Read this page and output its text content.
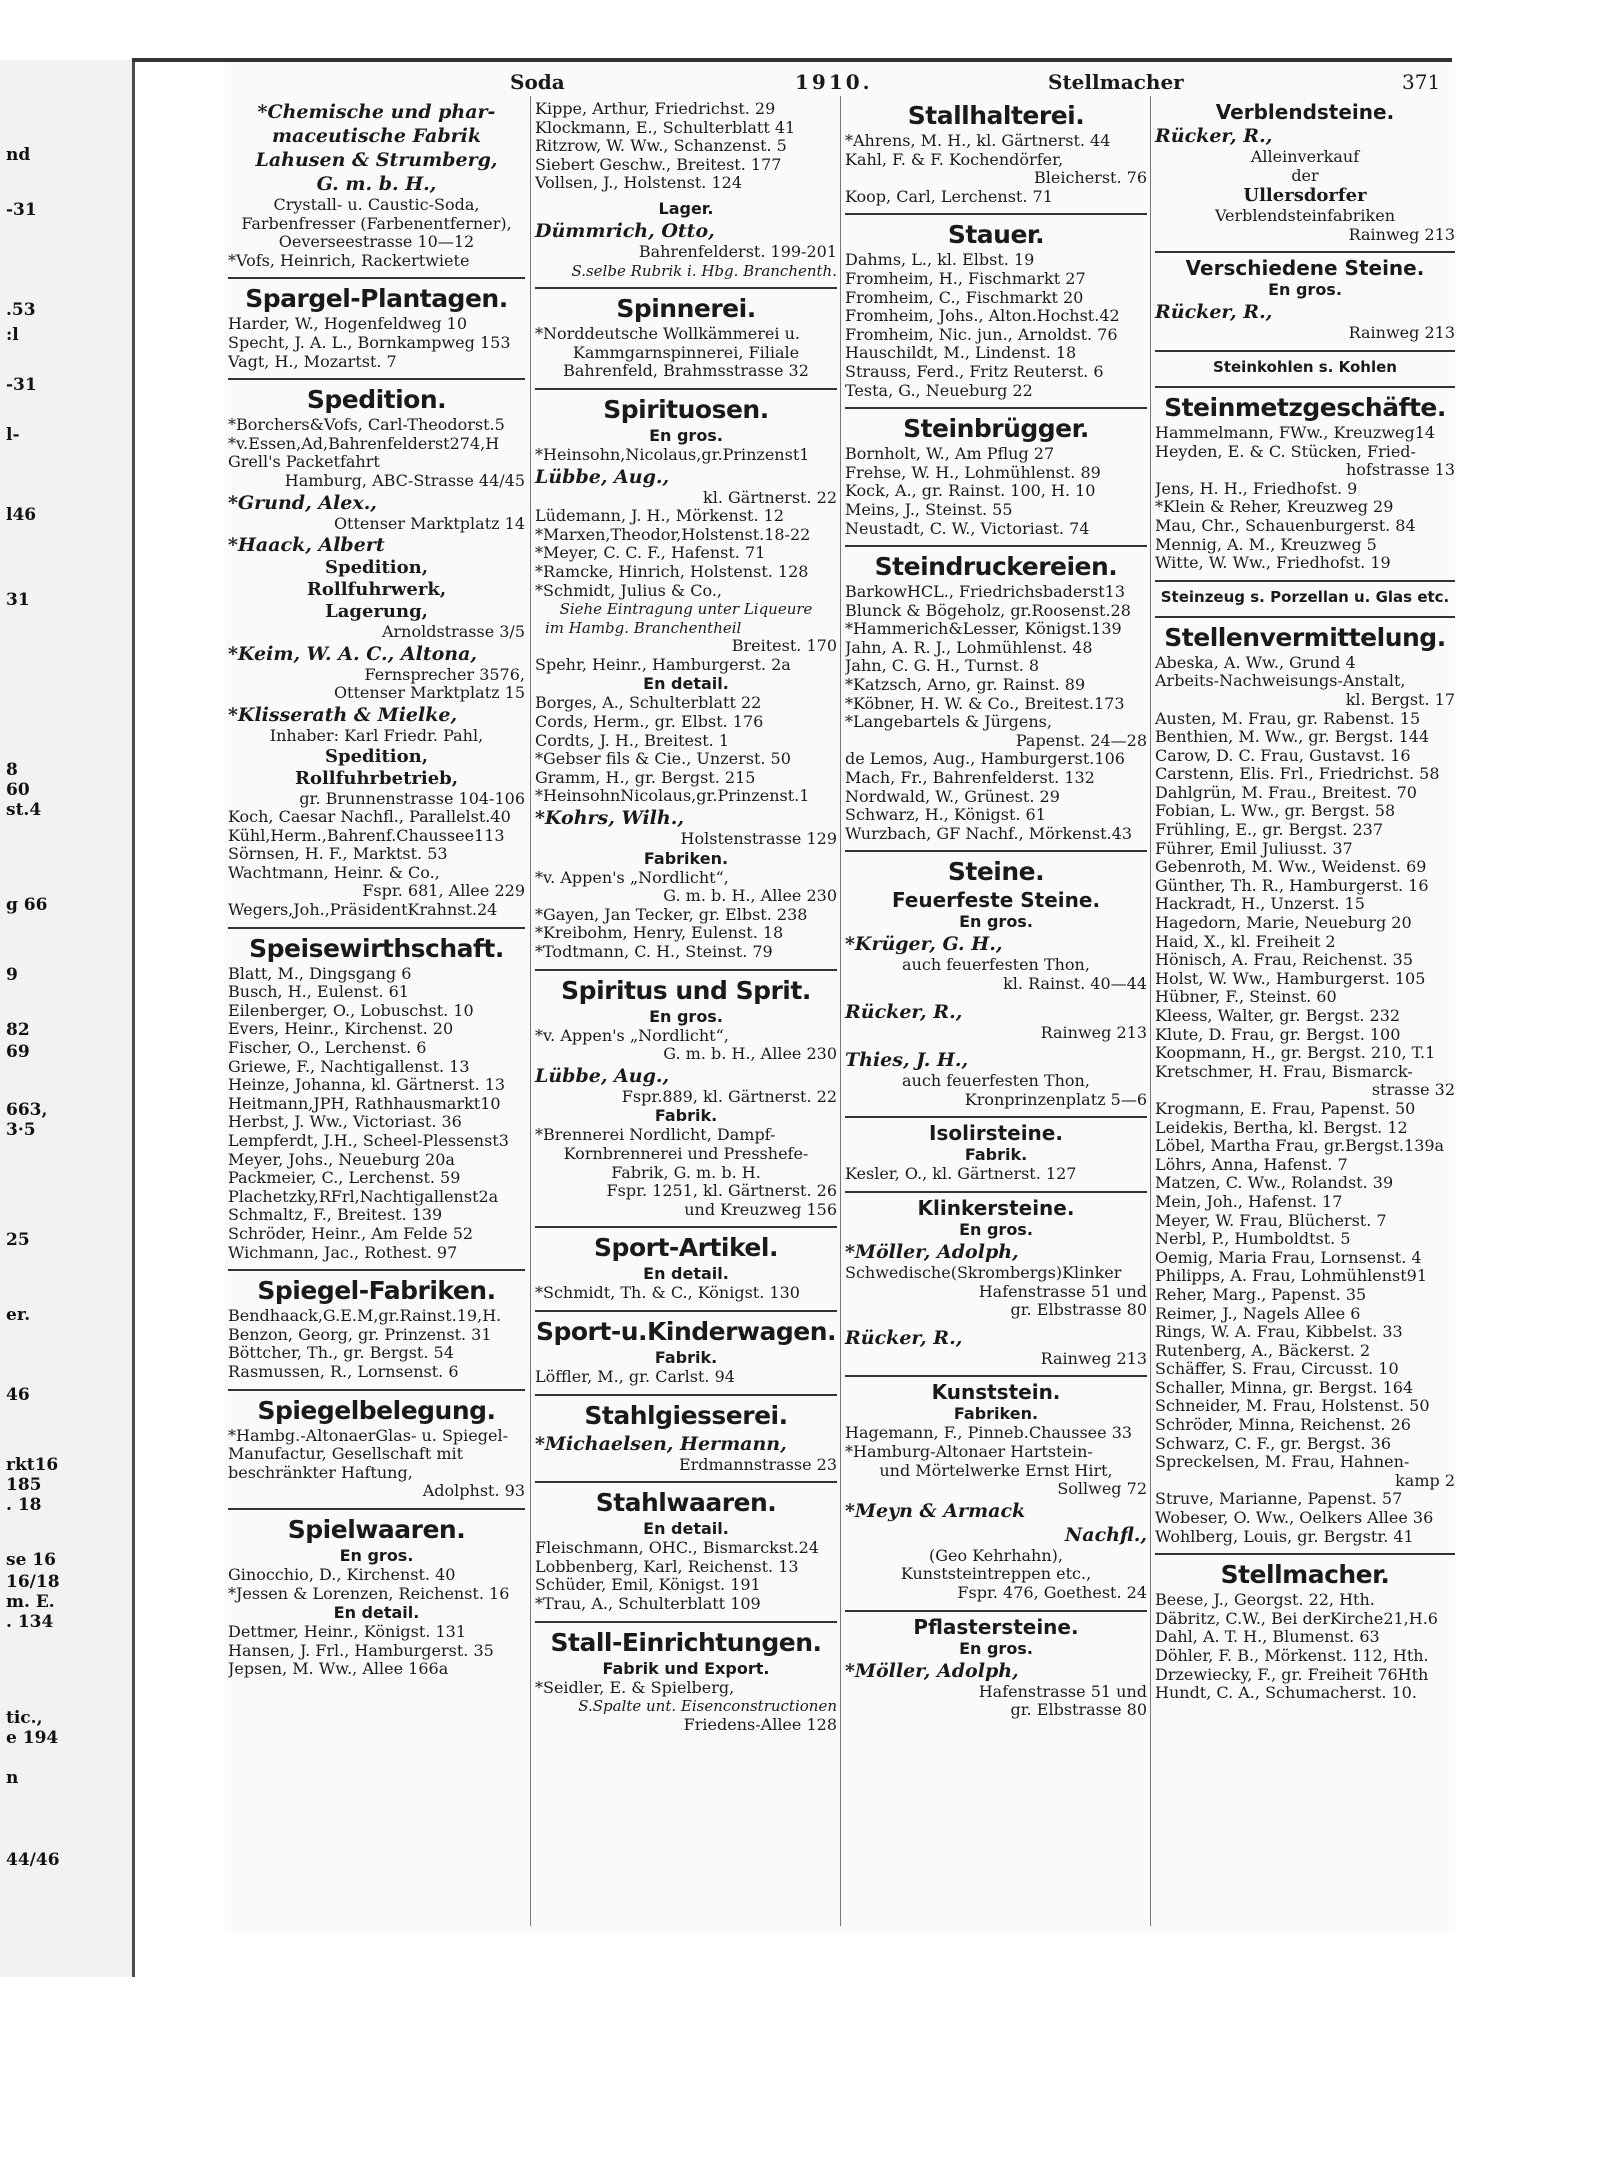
nd
-31
.53
:l
-31
l-
l46
31
8
60
st.4
g 66
9
82
69
663,
3·5
25
er.
46
rkt16
185
. 18
se 16
16/18
m. E.
. 134
tic.,
e 194
n
44/46
Soda	1910.	Stellmacher	371
*Chemische und phar-
maceutische Fabrik
Lahusen & Strumberg,
G. m. b. H.,
Crystall- u. Caustic-Soda,
Farbenfresser (Farbenentferner),
Oeverseestrasse 10—12
*Vofs, Heinrich, Rackertwiete
Spargel-Plantagen.
Harder, W., Hogenfeldweg 10
Specht, J. A. L., Bornkampweg 153
Vagt, H., Mozartst. 7
Spedition.
*Borchers&Vofs, Carl-Theodorst.5
*v.Essen,Ad,Bahrenfelderst274,H
Grell's Packetfahrt
Hamburg, ABC-Strasse 44/45
*Grund, Alex.,
Ottenser Marktplatz 14
*Haack, Albert
Spedition,
Rollfuhrwerk,
Lagerung,
Arnoldstrasse 3/5
*Keim, W. A. C., Altona,
Fernsprecher 3576,
Ottenser Marktplatz 15
*Klisserath & Mielke,
Inhaber: Karl Friedr. Pahl,
Spedition,
Rollfuhrbetrieb,
gr. Brunnenstrasse 104-106
Koch, Caesar Nachfl., Parallelst.40
Kühl,Herm.,Bahrenf.Chaussee113
Sörnsen, H. F., Marktst. 53
Wachtmann, Heinr. & Co.,
Fspr. 681, Allee 229
Wegers,Joh.,PräsidentKrahnst.24
Speisewirthschaft.
Blatt, M., Dingsgang 6
Busch, H., Eulenst. 61
Eilenberger, O., Lobuschst. 10
Evers, Heinr., Kirchenst. 20
Fischer, O., Lerchenst. 6
Griewe, F., Nachtigallenst. 13
Heinze, Johanna, kl. Gärtnerst. 13
Heitmann,JPH, Rathhausmarkt10
Herbst, J. Ww., Victoriast. 36
Lempferdt, J.H., Scheel-Plessenst3
Meyer, Johs., Neueburg 20a
Packmeier, C., Lerchenst. 59
Plachetzky,RFrl,Nachtigallenst2a
Schmaltz, F., Breitest. 139
Schröder, Heinr., Am Felde 52
Wichmann, Jac., Rothest. 97
Spiegel-Fabriken.
Bendhaack,G.E.M,gr.Rainst.19,H.
Benzon, Georg, gr. Prinzenst. 31
Böttcher, Th., gr. Bergst. 54
Rasmussen, R., Lornsenst. 6
Spiegelbelegung.
*Hambg.-AltonaerGlas- u. Spiegel-
Manufactur, Gesellschaft mit
beschränkter Haftung,
Adolphst. 93
Spielwaaren.
En gros.
Ginocchio, D., Kirchenst. 40
*Jessen & Lorenzen, Reichenst. 16
En detail.
Dettmer, Heinr., Königst. 131
Hansen, J. Frl., Hamburgerst. 35
Jepsen, M. Ww., Allee 166a
Kippe, Arthur, Friedrichst. 29
Klockmann, E., Schulterblatt 41
Ritzrow, W. Ww., Schanzenst. 5
Siebert Geschw., Breitest. 177
Vollsen, J., Holstenst. 124
Lager.
Dümmrich, Otto,
Bahrenfelderst. 199-201
S.selbe Rubrik i. Hbg. Branchenth.
Spinnerei.
*Norddeutsche Wollkämmerei u.
Kammgarnspinnerei, Filiale
Bahrenfeld, Brahmsstrasse 32
Spirituosen.
En gros.
*Heinsohn,Nicolaus,gr.Prinzenst1
Lübbe, Aug.,
kl. Gärtnerst. 22
Lüdemann, J. H., Mörkenst. 12
*Marxen,Theodor,Holstenst.18-22
*Meyer, C. C. F., Hafenst. 71
*Ramcke, Hinrich, Holstenst. 128
*Schmidt, Julius & Co.,
Siehe Eintragung unter Liqueure
im Hambg. Branchentheil
Breitest. 170
Spehr, Heinr., Hamburgerst. 2a
En detail.
Borges, A., Schulterblatt 22
Cords, Herm., gr. Elbst. 176
Cordts, J. H., Breitest. 1
*Gebser fils & Cie., Unzerst. 50
Gramm, H., gr. Bergst. 215
*HeinsohnNicolaus,gr.Prinzenst.1
*Kohrs, Wilh.,
Holstenstrasse 129
Fabriken.
*v. Appen's „Nordlicht“,
G. m. b. H., Allee 230
*Gayen, Jan Tecker, gr. Elbst. 238
*Kreibohm, Henry, Eulenst. 18
*Todtmann, C. H., Steinst. 79
Spiritus und Sprit.
En gros.
*v. Appen's „Nordlicht“,
G. m. b. H., Allee 230
Lübbe, Aug.,
Fspr.889, kl. Gärtnerst. 22
Fabrik.
*Brennerei Nordlicht, Dampf-
Kornbrennerei und Presshefe-
Fabrik, G. m. b. H.
Fspr. 1251, kl. Gärtnerst. 26
und Kreuzweg 156
Sport-Artikel.
En detail.
*Schmidt, Th. & C., Königst. 130
Sport-u.Kinderwagen.
Fabrik.
Löffler, M., gr. Carlst. 94
Stahlgiesserei.
*Michaelsen, Hermann,
Erdmannstrasse 23
Stahlwaaren.
En detail.
Fleischmann, OHC., Bismarckst.24
Lobbenberg, Karl, Reichenst. 13
Schüder, Emil, Königst. 191
*Trau, A., Schulterblatt 109
Stall-Einrichtungen.
Fabrik und Export.
*Seidler, E. & Spielberg,
S.Spalte unt. Eisenconstructionen
Friedens-Allee 128
Stallhalterei.
*Ahrens, M. H., kl. Gärtnerst. 44
Kahl, F. & F. Kochendörfer,
Bleicherst. 76
Koop, Carl, Lerchenst. 71
Stauer.
Dahms, L., kl. Elbst. 19
Fromheim, H., Fischmarkt 27
Fromheim, C., Fischmarkt 20
Fromheim, Johs., Alton.Hochst.42
Fromheim, Nic. jun., Arnoldst. 76
Hauschildt, M., Lindenst. 18
Strauss, Ferd., Fritz Reuterst. 6
Testa, G., Neueburg 22
Steinbrügger.
Bornholt, W., Am Pflug 27
Frehse, W. H., Lohmühlenst. 89
Kock, A., gr. Rainst. 100, H. 10
Meins, J., Steinst. 55
Neustadt, C. W., Victoriast. 74
Steindruckereien.
BarkowHCL., Friedrichsbaderst13
Blunck & Bögeholz, gr.Roosenst.28
*Hammerich&Lesser, Königst.139
Jahn, A. R. J., Lohmühlenst. 48
Jahn, C. G. H., Turnst. 8
*Katzsch, Arno, gr. Rainst. 89
*Köbner, H. W. & Co., Breitest.173
*Langebartels & Jürgens,
Papenst. 24—28
de Lemos, Aug., Hamburgerst.106
Mach, Fr., Bahrenfelderst. 132
Nordwald, W., Grünest. 29
Schwarz, H., Königst. 61
Wurzbach, GF Nachf., Mörkenst.43
Steine.
Feuerfeste Steine.
En gros.
*Krüger, G. H.,
auch feuerfesten Thon,
kl. Rainst. 40—44
Rücker, R.,
Rainweg 213
Thies, J. H.,
auch feuerfesten Thon,
Kronprinzenplatz 5—6
Isolirsteine.
Fabrik.
Kesler, O., kl. Gärtnerst. 127
Klinkersteine.
En gros.
*Möller, Adolph,
Schwedische(Skrombergs)Klinker
Hafenstrasse 51 und
gr. Elbstrasse 80
Rücker, R.,
Rainweg 213
Kunststein.
Fabriken.
Hagemann, F., Pinneb.Chaussee 33
*Hamburg-Altonaer Hartstein-
und Mörtelwerke Ernst Hirt,
Sollweg 72
*Meyn & Armack
Nachfl.,
(Geo Kehrhahn),
Kunststeintreppen etc.,
Fspr. 476, Goethest. 24
Pflastersteine.
En gros.
*Möller, Adolph,
Hafenstrasse 51 und
gr. Elbstrasse 80
Verblendsteine.
Rücker, R.,
Alleinverkauf
der
Ullersdorfer
Verblendsteinfabriken
Rainweg 213
Verschiedene Steine.
En gros.
Rücker, R.,
Rainweg 213
Steinkohlen s. Kohlen
Steinmetzgeschäfte.
Hammelmann, FWw., Kreuzweg14
Heyden, E. & C. Stücken, Fried-
hofstrasse 13
Jens, H. H., Friedhofst. 9
*Klein & Reher, Kreuzweg 29
Mau, Chr., Schauenburgerst. 84
Mennig, A. M., Kreuzweg 5
Witte, W. Ww., Friedhofst. 19
Steinzeug s. Porzellan u. Glas etc.
Stellenvermittelung.
Abeska, A. Ww., Grund 4
Arbeits-Nachweisungs-Anstalt,
kl. Bergst. 17
Austen, M. Frau, gr. Rabenst. 15
Benthien, M. Ww., gr. Bergst. 144
Carow, D. C. Frau, Gustavst. 16
Carstenn, Elis. Frl., Friedrichst. 58
Dahlgrün, M. Frau., Breitest. 70
Fobian, L. Ww., gr. Bergst. 58
Frühling, E., gr. Bergst. 237
Führer, Emil Juliusst. 37
Gebenroth, M. Ww., Weidenst. 69
Günther, Th. R., Hamburgerst. 16
Hackradt, H., Unzerst. 15
Hagedorn, Marie, Neueburg 20
Haid, X., kl. Freiheit 2
Hönisch, A. Frau, Reichenst. 35
Holst, W. Ww., Hamburgerst. 105
Hübner, F., Steinst. 60
Kleess, Walter, gr. Bergst. 232
Klute, D. Frau, gr. Bergst. 100
Koopmann, H., gr. Bergst. 210, T.1
Kretschmer, H. Frau, Bismarck-
strasse 32
Krogmann, E. Frau, Papenst. 50
Leidekis, Bertha, kl. Bergst. 12
Löbel, Martha Frau, gr.Bergst.139a
Löhrs, Anna, Hafenst. 7
Matzen, C. Ww., Rolandst. 39
Mein, Joh., Hafenst. 17
Meyer, W. Frau, Blücherst. 7
Nerbl, P., Humboldtst. 5
Oemig, Maria Frau, Lornsenst. 4
Philipps, A. Frau, Lohmühlenst91
Reher, Marg., Papenst. 35
Reimer, J., Nagels Allee 6
Rings, W. A. Frau, Kibbelst. 33
Rutenberg, A., Bäckerst. 2
Schäffer, S. Frau, Circusst. 10
Schaller, Minna, gr. Bergst. 164
Schneider, M. Frau, Holstenst. 50
Schröder, Minna, Reichenst. 26
Schwarz, C. F., gr. Bergst. 36
Spreckelsen, M. Frau, Hahnen-
kamp 2
Struve, Marianne, Papenst. 57
Wobeser, O. Ww., Oelkers Allee 36
Wohlberg, Louis, gr. Bergstr. 41
Stellmacher.
Beese, J., Georgst. 22, Hth.
Däbritz, C.W., Bei derKirche21,H.6
Dahl, A. T. H., Blumenst. 63
Döhler, F. B., Mörkenst. 112, Hth.
Drzewiecky, F., gr. Freiheit 76Hth
Hundt, C. A., Schumacherst. 10.
